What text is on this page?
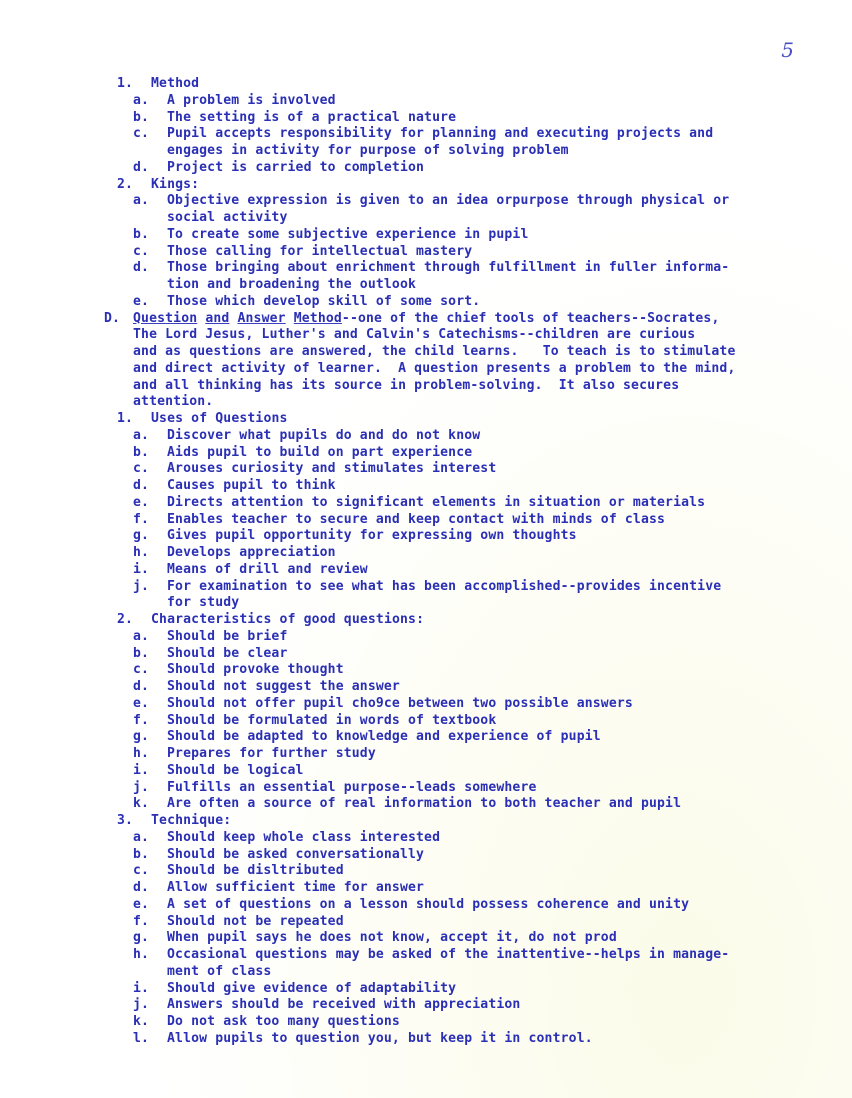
5
1. Method
a. A problem is involved
b. The setting is of a practical nature
c. Pupil accepts responsibility for planning and executing projects and
engages in activity for purpose of solving problem
d. Project is carried to completion
2. Kings:
a. Objective expression is given to an idea orpurpose through physical or
social activity
b. To create some subjective experience in pupil
c. Those calling for intellectual mastery
d. Those bringing about enrichment through fulfillment in fuller informa-
tion and broadening the outlook
e. Those which develop skill of some sort.
D. Question and Answer Method--one of the chief tools of teachers--Socrates,
The Lord Jesus, Luther's and Calvin's Catechisms--children are curious
and as questions are answered, the child learns.   To teach is to stimulate
and direct activity of learner.  A question presents a problem to the mind,
and all thinking has its source in problem-solving.  It also secures
attention.
1. Uses of Questions
a. Discover what pupils do and do not know
b. Aids pupil to build on part experience
c. Arouses curiosity and stimulates interest
d. Causes pupil to think
e. Directs attention to significant elements in situation or materials
f. Enables teacher to secure and keep contact with minds of class
g. Gives pupil opportunity for expressing own thoughts
h. Develops appreciation
i. Means of drill and review
j. For examination to see what has been accomplished--provides incentive
for study
2. Characteristics of good questions:
a. Should be brief
b. Should be clear
c. Should provoke thought
d. Should not suggest the answer
e. Should not offer pupil cho9ce between two possible answers
f. Should be formulated in words of textbook
g. Should be adapted to knowledge and experience of pupil
h. Prepares for further study
i. Should be logical
j. Fulfills an essential purpose--leads somewhere
k. Are often a source of real information to both teacher and pupil
3. Technique:
a. Should keep whole class interested
b. Should be asked conversationally
c. Should be disltributed
d. Allow sufficient time for answer
e. A set of questions on a lesson should possess coherence and unity
f. Should not be repeated
g. When pupil says he does not know, accept it, do not prod
h. Occasional questions may be asked of the inattentive--helps in manage-
ment of class
i. Should give evidence of adaptability
j. Answers should be received with appreciation
k. Do not ask too many questions
l. Allow pupils to question you, but keep it in control.
